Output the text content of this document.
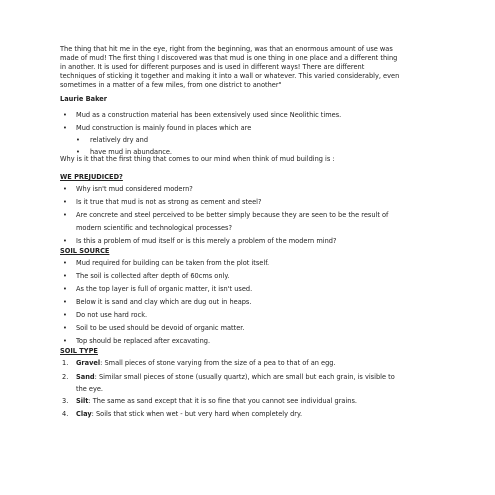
The thing that hit me in the eye, right from the beginning, was that an enormous amount of use was

made of mud! The first thing I discovered was that mud is one thing in one place and a different thing

in another. It is used for different purposes and is used in different ways! There are different

techniques of sticking it together and making it into a wall or whatever. This varied considerably, even

sometimes in a matter of a few miles, from one district to another"

Laurie Baker
•
Mud as a construction material has been extensively used since Neolithic times.
•
Mud construction is mainly found in places which are
•
relatively dry and
•
have mud in abundance.
Why is it that the first thing that comes to our mind when think of mud building is :
WE PREJUDICED?
•
Why isn't mud considered modern?
•
Is it true that mud is not as strong as cement and steel?
•
Are concrete and steel perceived to be better simply because they are seen to be the result of
modern scientific and technological processes?
•
Is this a problem of mud itself or is this merely a problem of the modern mind?
SOIL SOURCE
•
Mud required for building can be taken from the plot itself.
•
The soil is collected after depth of 60cms only.
•
As the top layer is full of organic matter, it isn't used.
•
Below it is sand and clay which are dug out in heaps.
•
Do not use hard rock.
•
Soil to be used should be devoid of organic matter.
•
Top should be replaced after excavating.
SOIL TYPE
1. Gravel: Small pieces of stone varying from the size of a pea to that of an egg.
2. Sand: Similar small pieces of stone (usually quartz), which are small but each grain, is visible to
the eye.
3. Silt: The same as sand except that it is so fine that you cannot see individual grains.
4. Clay: Soils that stick when wet - but very hard when completely dry.
